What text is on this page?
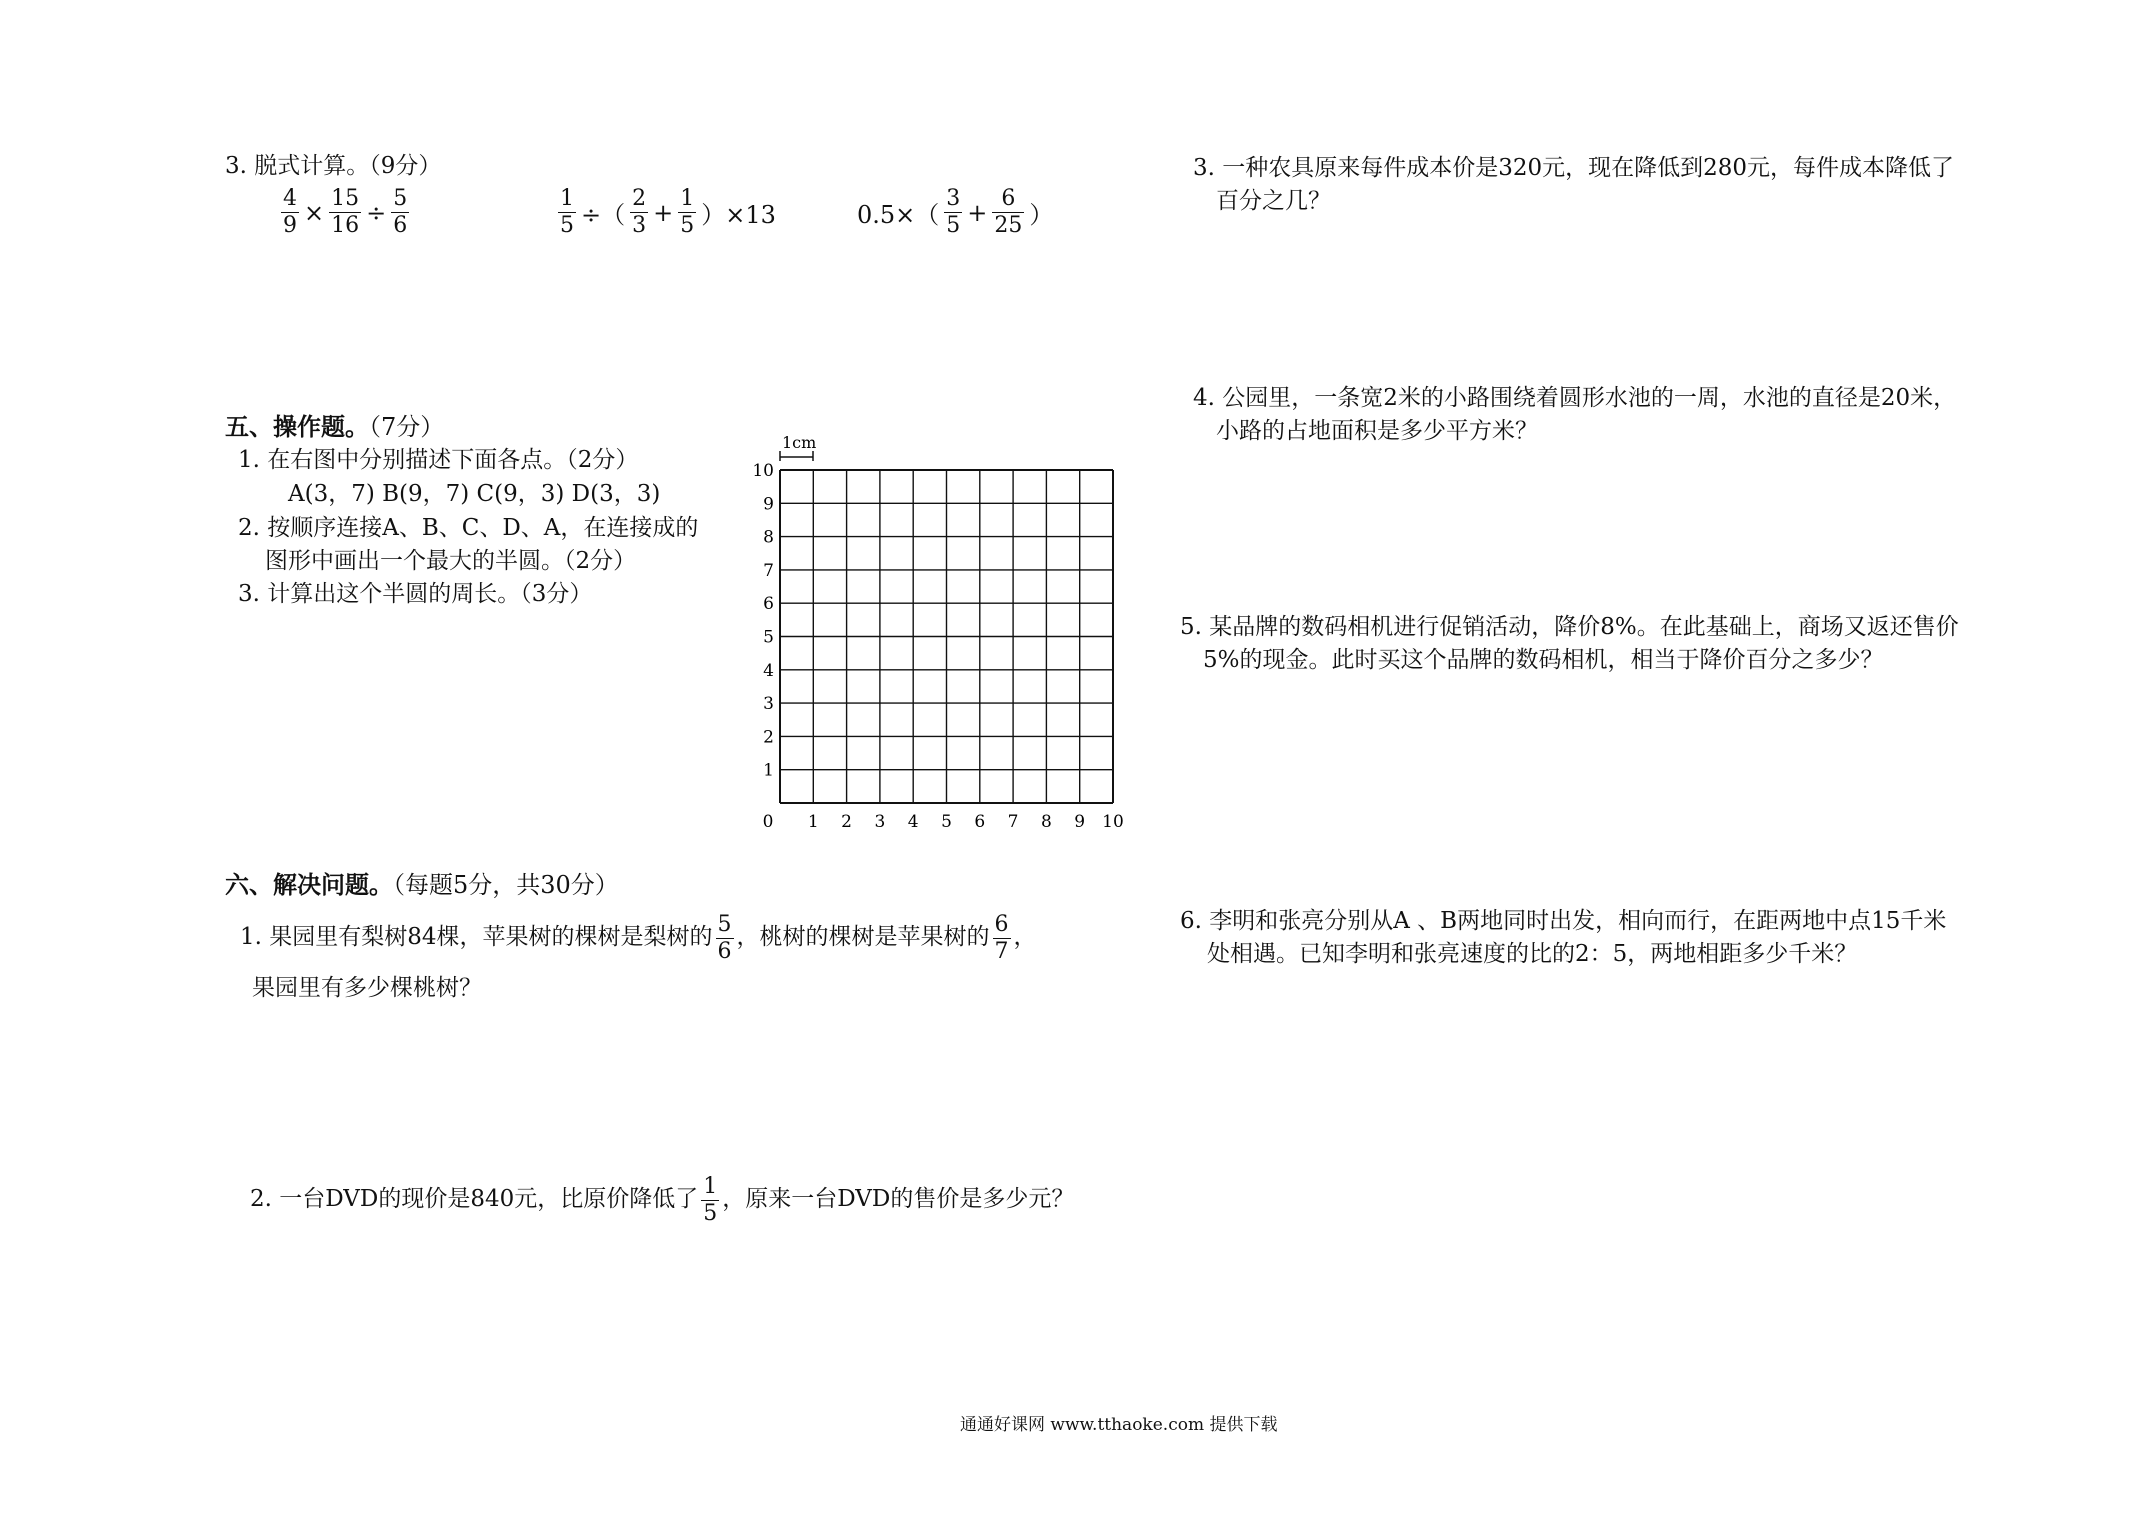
3. 脱式计算。（9分）
$\frac{4}{9} \times \frac{15}{16} \div \frac{5}{6}$	$\frac{1}{5}$ ÷（ $\frac{2}{3} + \frac{1}{5} )\times 13$	$0.5\times( \frac{3}{5} + \frac{6}{25}$ ）
五、操作题。（7分）
1. 在右图中分别描述下面各点。（2分）
A(3，7) B(9，7) C(9，3) D(3，3)
2. 按顺序连接A、B、C、D、A，在连接成的
图形中画出一个最大的半圆。（2分）
3. 计算出这个半圆的周长。（3分）
1cm
1
2
3
4
5
6
7
8
9
10
0 1 2 3 4 5 6 7 8 9 10
六、解决问题。（每题5分，共30分）
1. 果园里有梨树84棵，苹果树的棵树是梨树的 $\frac{5}{6}$ ，桃树的棵树是苹果树的 $\frac{6}{7}$ ，
果园里有多少棵桃树？
2. 一台DVD的现价是840元，比原价降低了 $\frac{1}{5}$ ，原来一台DVD的售价是多少元？
3. 一种农具原来每件成本价是320元，现在降低到280元，每件成本降低了
百分之几？
4. 公园里，一条宽2米的小路围绕着圆形水池的一周，水池的直径是20米，
小路的占地面积是多少平方米？
5. 某品牌的数码相机进行促销活动，降价8%。在此基础上，商场又返还售价
5%的现金。此时买这个品牌的数码相机，相当于降价百分之多少？
6. 李明和张亮分别从A 、B两地同时出发，相向而行，在距两地中点15千米
处相遇。已知李明和张亮速度的比的2：5，两地相距多少千米？
通通好课网 www.tthaoke.com 提供下载
